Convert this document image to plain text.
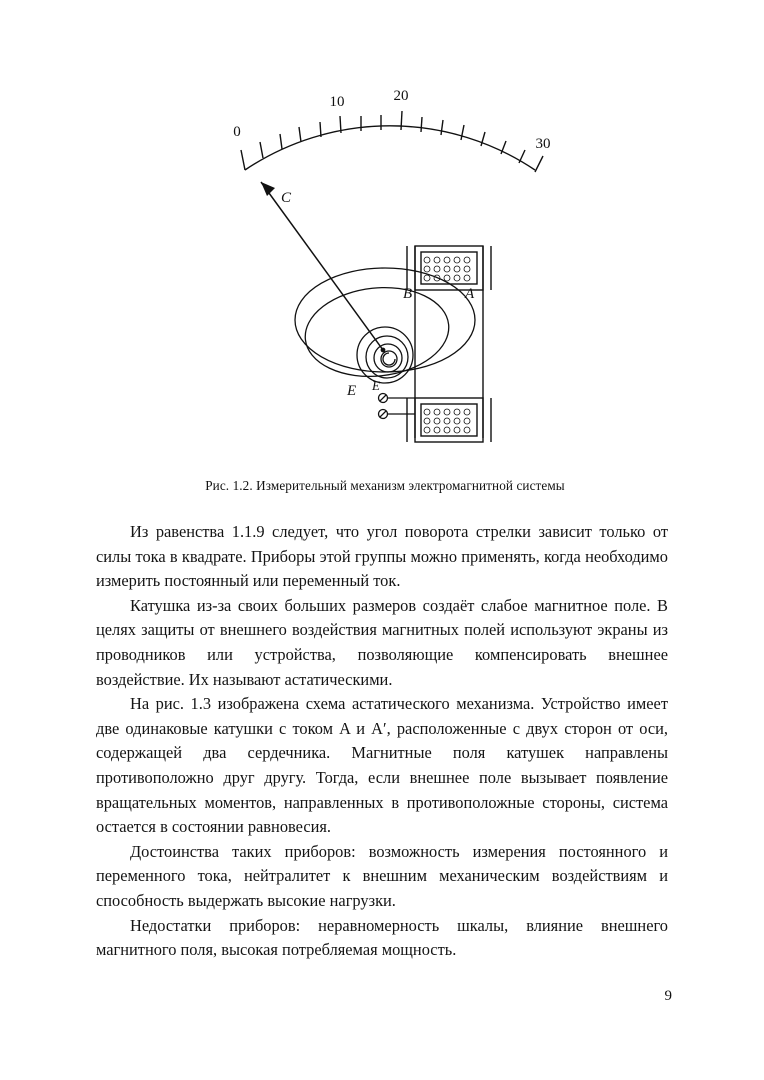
0
10	20
30
C
B
E E
A
Рис. 1.2. Измерительный механизм электромагнитной системы

Из равенства 1.1.9 следует, что угол поворота стрелки зависит только от силы тока в квадрате. Приборы этой группы можно применять, когда необходимо измерить постоянный или переменный ток.

Катушка из-за своих больших размеров создаёт слабое магнитное поле. В целях защиты от внешнего воздействия магнитных полей используют экраны из проводников или устройства, позволяющие компенсировать внешнее воздействие. Их называют астатическими.

На рис. 1.3 изображена схема астатического механизма. Устройство имеет две одинаковые катушки с током A и A′, расположенные с двух сторон от оси, содержащей два сердечника. Магнитные поля катушек направлены противоположно друг другу. Тогда, если внешнее поле вызывает появление вращательных моментов, направленных в противоположные стороны, система остается в состоянии равновесия.

Достоинства таких приборов: возможность измерения постоянного и переменного тока, нейтралитет к внешним механическим воздействиям и способность выдержать высокие нагрузки.

Недостатки приборов: неравномерность шкалы, влияние внешнего магнитного поля, высокая потребляемая мощность.

9
